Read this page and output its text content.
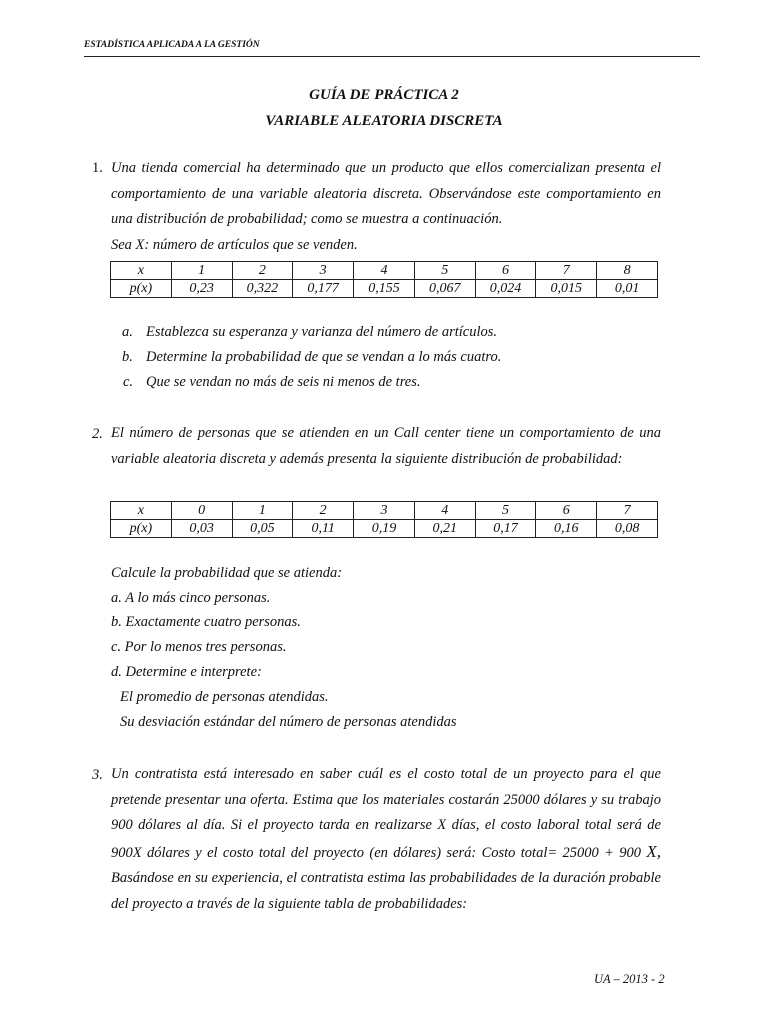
ESTADÍSTICA APLICADA A LA GESTIÓN
GUÍA DE PRÁCTICA 2
VARIABLE ALEATORIA DISCRETA
1. Una tienda comercial ha determinado que un producto que ellos comercializan presenta el comportamiento de una variable aleatoria discreta. Observándose este comportamiento en una distribución de probabilidad; como se muestra a continuación.
Sea X: número de artículos que se venden.
x	1	2	3	4	5	6	7	8
p(x)	0,23	0,322	0,177	0,155	0,067	0,024	0,015	0,01
a. Establezca su esperanza y varianza del número de artículos.
b. Determine la probabilidad de que se vendan a lo más cuatro.
c. Que se vendan no más de seis ni menos de tres.
2. El número de personas que se atienden en un Call center tiene un comportamiento de una variable aleatoria discreta y además presenta la siguiente distribución de probabilidad:
x	0	1	2	3	4	5	6	7
p(x)	0,03	0,05	0,11	0,19	0,21	0,17	0,16	0,08
Calcule la probabilidad que se atienda:
a. A lo más cinco personas.
b. Exactamente cuatro personas.
c. Por lo menos tres personas.
d. Determine e interprete:
El promedio de personas atendidas.
Su desviación estándar del número de personas atendidas
3. Un contratista está interesado en saber cuál es el costo total de un proyecto para el que pretende presentar una oferta. Estima que los materiales costarán 25000 dólares y su trabajo 900 dólares al día. Si el proyecto tarda en realizarse X días, el costo laboral total será de 900X dólares y el costo total del proyecto (en dólares) será: Costo total= 25000 + 900 X, Basándose en su experiencia, el contratista estima las probabilidades de la duración probable del proyecto a través de la siguiente tabla de probabilidades:
UA – 2013 - 2
